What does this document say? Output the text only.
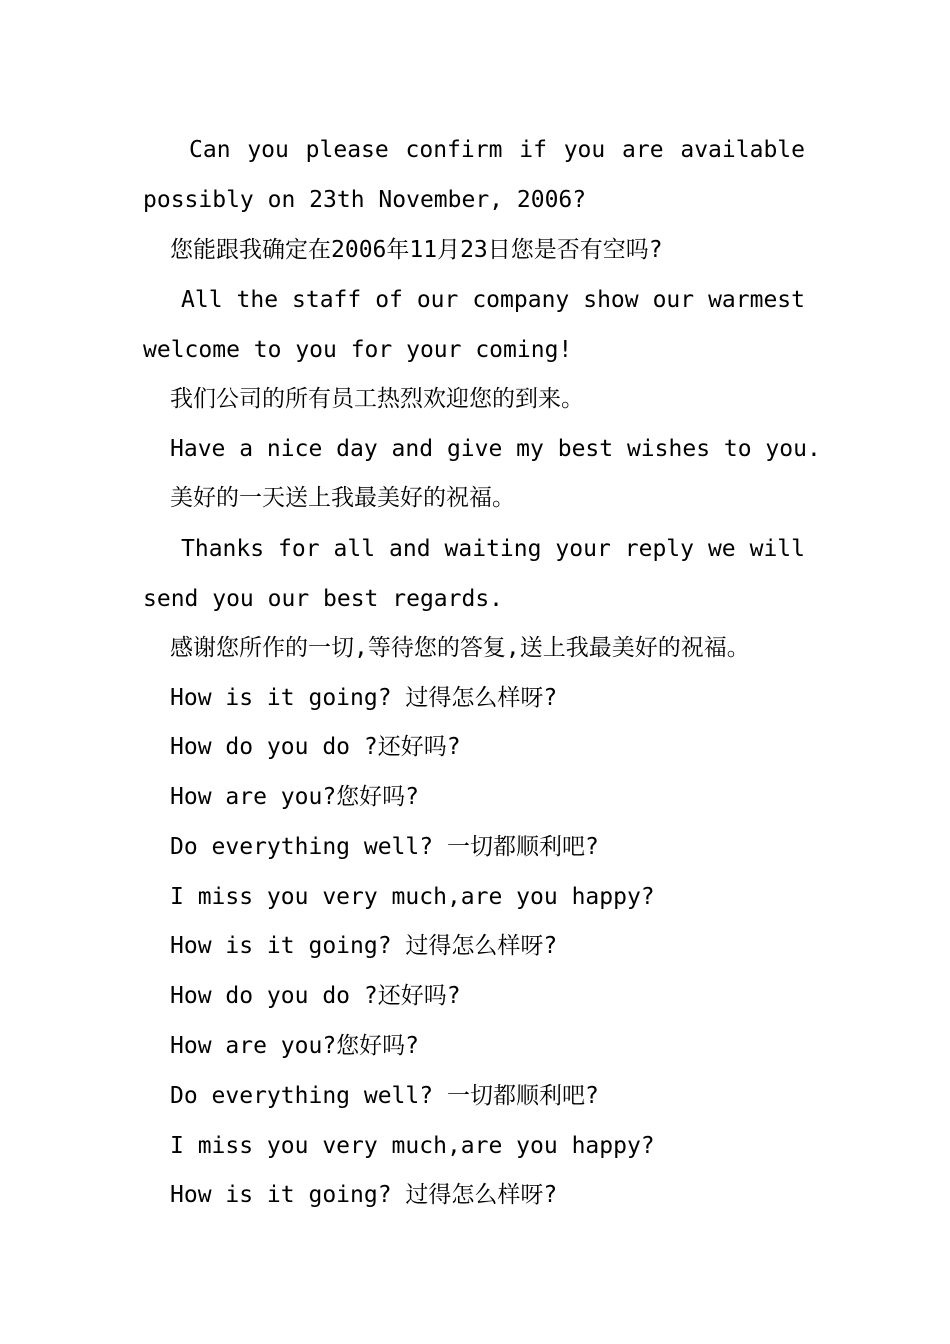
Can you please confirm if you are available possibly on 23th November, 2006?

您能跟我确定在2006年11月23日您是否有空吗?

All the staff of our company show our warmest welcome to you for your coming!

我们公司的所有员工热烈欢迎您的到来。

Have a nice day and give my best wishes to you.

美好的一天送上我最美好的祝福。

Thanks for all and waiting your reply we will send you our best regards.

感谢您所作的一切,等待您的答复,送上我最美好的祝福。

How is it going? 过得怎么样呀?

How do you do ?还好吗?

How are you?您好吗?

Do everything well? 一切都顺利吧?

I miss you very much,are you happy?

How is it going? 过得怎么样呀?

How do you do ?还好吗?

How are you?您好吗?

Do everything well? 一切都顺利吧?

I miss you very much,are you happy?

How is it going? 过得怎么样呀?
